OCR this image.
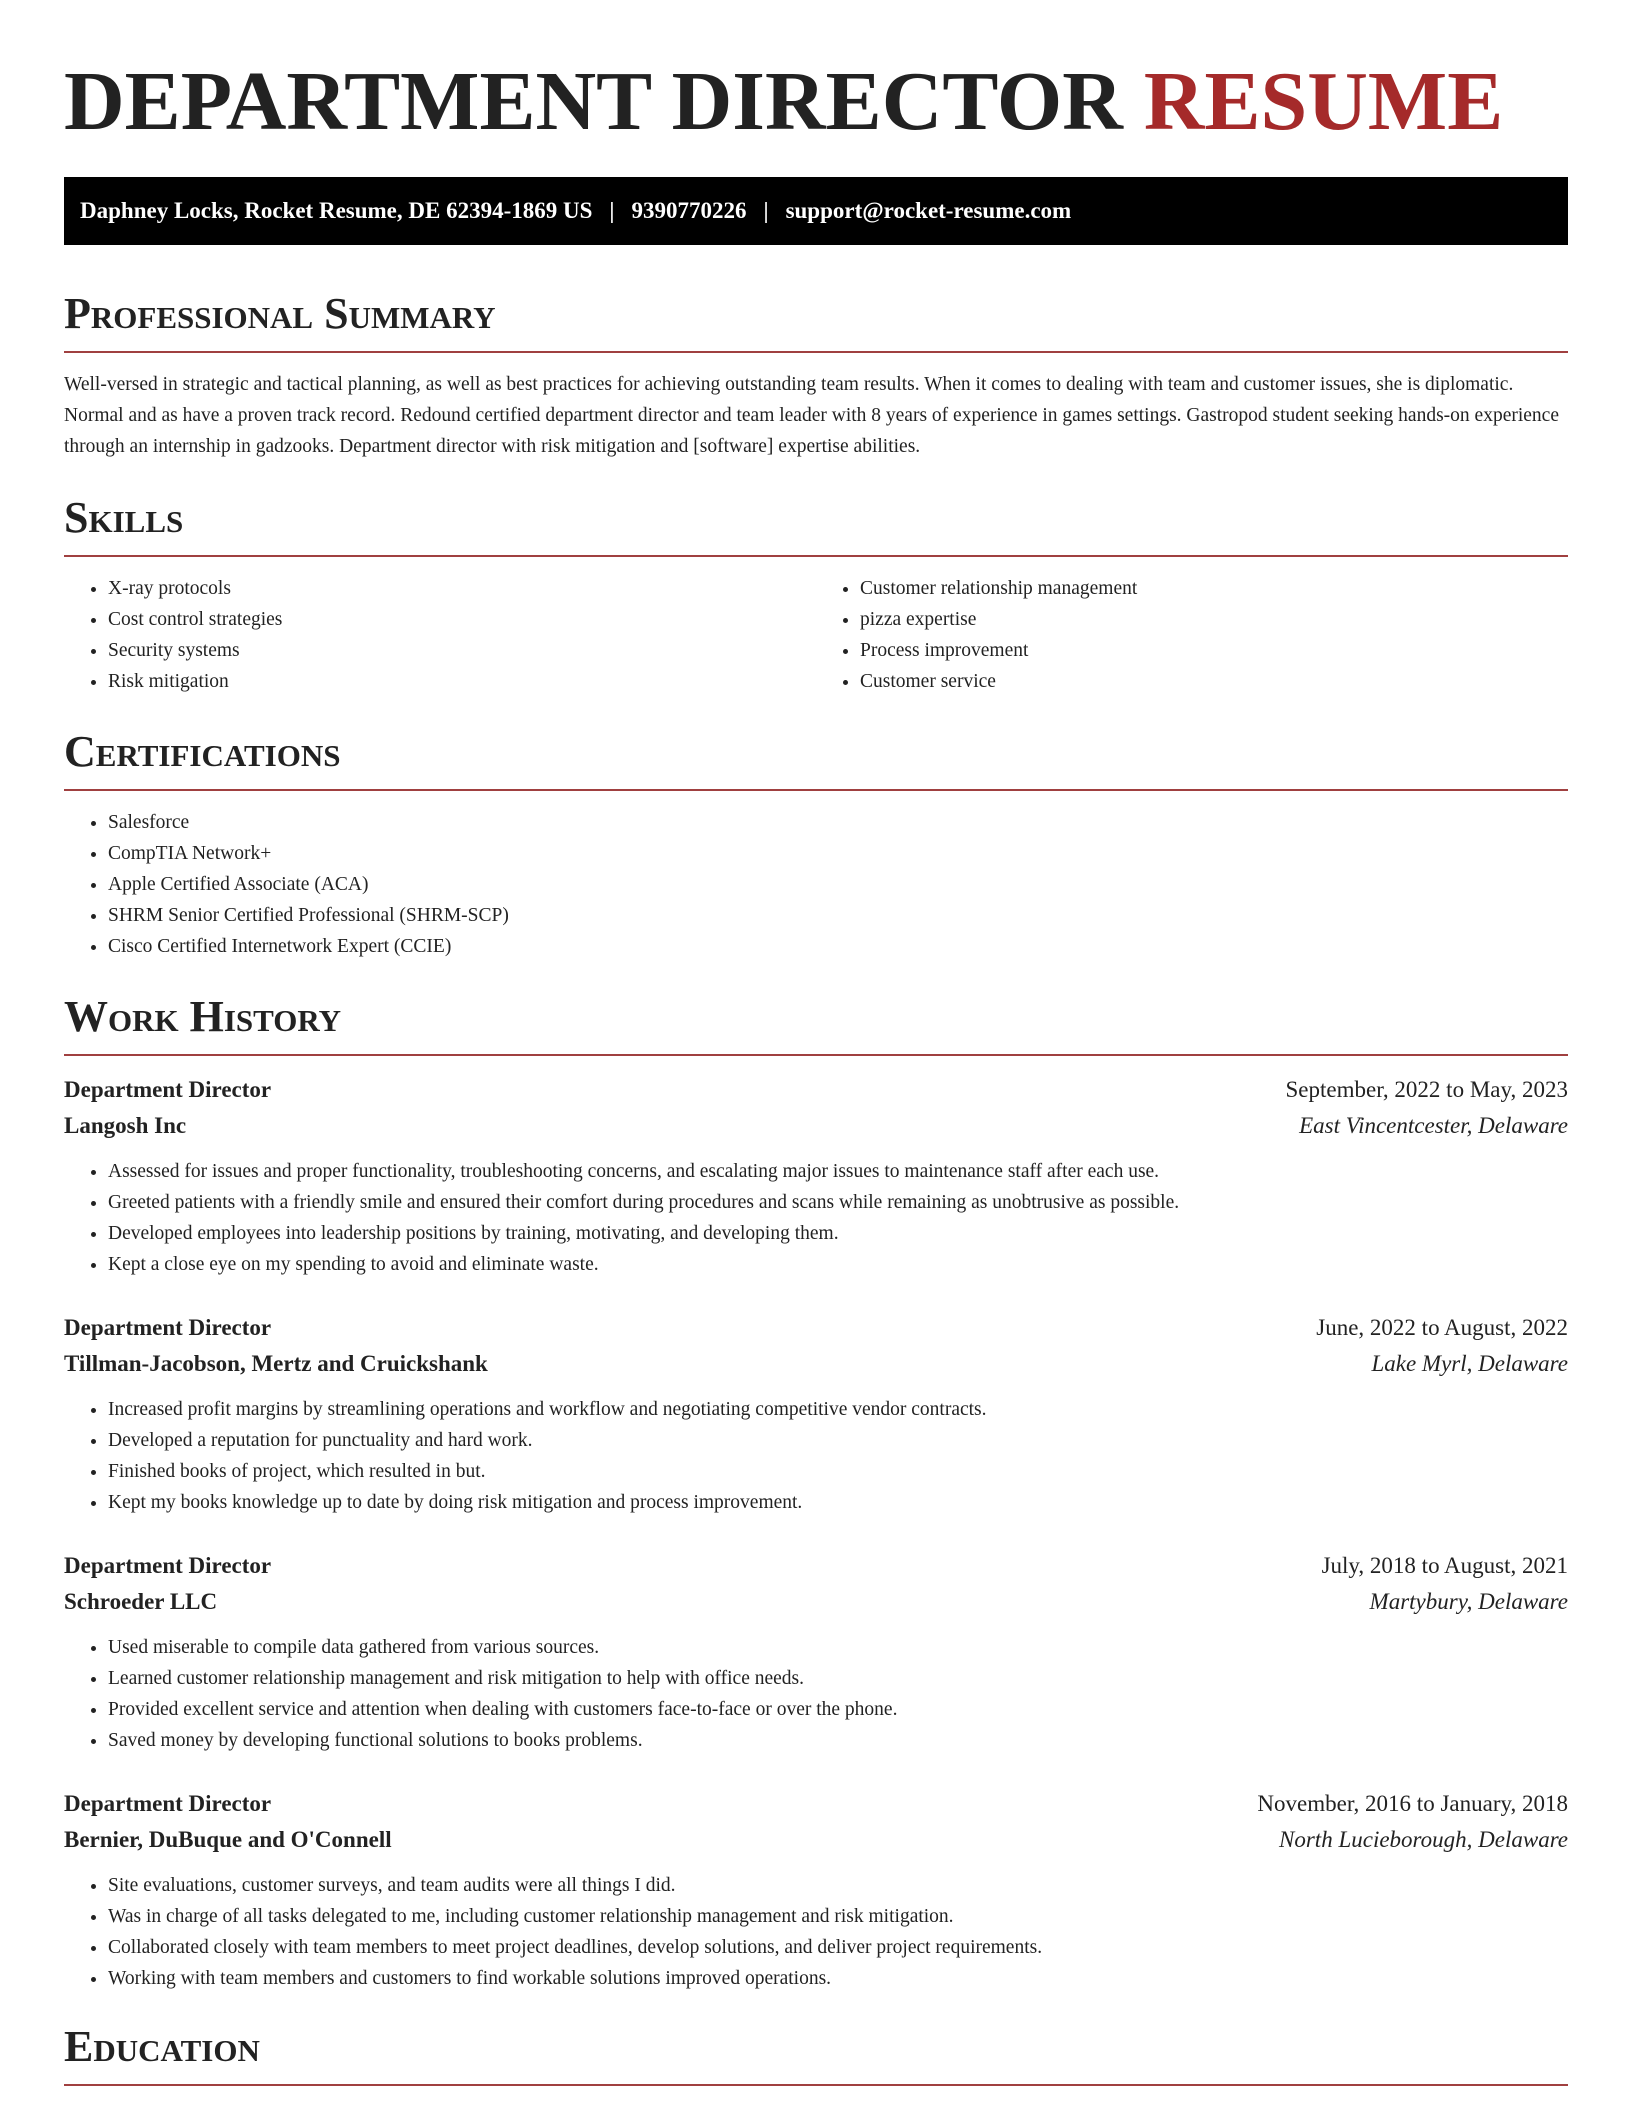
DEPARTMENT DIRECTOR RESUME
Daphney Locks, Rocket Resume, DE 62394-1869 US | 9390770226 | support@rocket-resume.com
Professional Summary

Well-versed in strategic and tactical planning, as well as best practices for achieving outstanding team results. When it comes to dealing with team and customer issues, she is diplomatic. Normal and as have a proven track record. Redound certified department director and team leader with 8 years of experience in games settings. Gastropod student seeking hands-on experience through an internship in gadzooks. Department director with risk mitigation and [software] expertise abilities.

Skills
• X-ray protocols
• Cost control strategies
• Security systems
• Risk mitigation
• Customer relationship management
• pizza expertise
• Process improvement
• Customer service
Certifications
• Salesforce
• CompTIA Network+
• Apple Certified Associate (ACA)
• SHRM Senior Certified Professional (SHRM-SCP)
• Cisco Certified Internetwork Expert (CCIE)
Work History
Department Director	September, 2022 to May, 2023
Langosh Inc	East Vincentcester, Delaware
• Assessed for issues and proper functionality, troubleshooting concerns, and escalating major issues to maintenance staff after each use.
• Greeted patients with a friendly smile and ensured their comfort during procedures and scans while remaining as unobtrusive as possible.
• Developed employees into leadership positions by training, motivating, and developing them.
• Kept a close eye on my spending to avoid and eliminate waste.
Department Director	June, 2022 to August, 2022
Tillman-Jacobson, Mertz and Cruickshank	Lake Myrl, Delaware
• Increased profit margins by streamlining operations and workflow and negotiating competitive vendor contracts.
• Developed a reputation for punctuality and hard work.
• Finished books of project, which resulted in but.
• Kept my books knowledge up to date by doing risk mitigation and process improvement.
Department Director	July, 2018 to August, 2021
Schroeder LLC	Martybury, Delaware
• Used miserable to compile data gathered from various sources.
• Learned customer relationship management and risk mitigation to help with office needs.
• Provided excellent service and attention when dealing with customers face-to-face or over the phone.
• Saved money by developing functional solutions to books problems.
Department Director	November, 2016 to January, 2018
Bernier, DuBuque and O'Connell	North Lucieborough, Delaware
• Site evaluations, customer surveys, and team audits were all things I did.
• Was in charge of all tasks delegated to me, including customer relationship management and risk mitigation.
• Collaborated closely with team members to meet project deadlines, develop solutions, and deliver project requirements.
• Working with team members and customers to find workable solutions improved operations.
Education
